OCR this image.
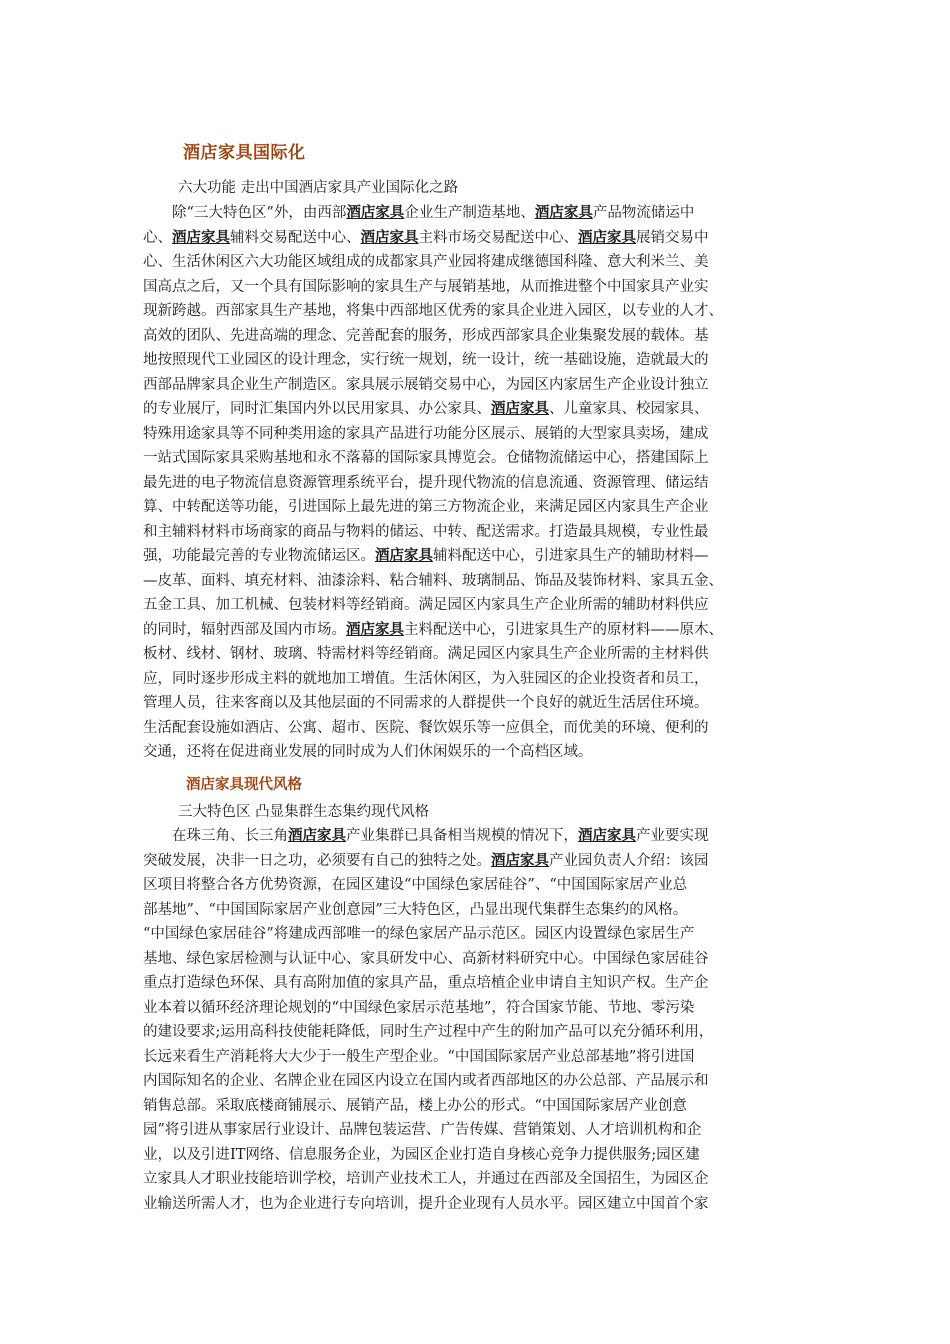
酒店家具国际化
六大功能 走出中国酒店家具产业国际化之路
　　除“三大特色区”外，由西部酒店家具企业生产制造基地、酒店家具产品物流储运中
心、酒店家具辅料交易配送中心、酒店家具主料市场交易配送中心、酒店家具展销交易中
心、生活休闲区六大功能区域组成的成都家具产业园将建成继德国科隆、意大利米兰、美
国高点之后，又一个具有国际影响的家具生产与展销基地，从而推进整个中国家具产业实
现新跨越。西部家具生产基地，将集中西部地区优秀的家具企业进入园区，以专业的人才、
高效的团队、先进高端的理念、完善配套的服务，形成西部家具企业集聚发展的载体。基
地按照现代工业园区的设计理念，实行统一规划，统一设计，统一基础设施，造就最大的
西部品牌家具企业生产制造区。家具展示展销交易中心，为园区内家居生产企业设计独立
的专业展厅，同时汇集国内外以民用家具、办公家具、酒店家具、儿童家具、校园家具、
特殊用途家具等不同种类用途的家具产品进行功能分区展示、展销的大型家具卖场，建成
一站式国际家具采购基地和永不落幕的国际家具博览会。仓储物流储运中心，搭建国际上
最先进的电子物流信息资源管理系统平台，提升现代物流的信息流通、资源管理、储运结
算、中转配送等功能，引进国际上最先进的第三方物流企业，来满足园区内家具生产企业
和主辅料材料市场商家的商品与物料的储运、中转、配送需求。打造最具规模，专业性最
强，功能最完善的专业物流储运区。酒店家具辅料配送中心，引进家具生产的辅助材料—
—皮革、面料、填充材料、油漆涂料、粘合辅料、玻璃制品、饰品及装饰材料、家具五金、
五金工具、加工机械、包装材料等经销商。满足园区内家具生产企业所需的辅助材料供应
的同时，辐射西部及国内市场。酒店家具主料配送中心，引进家具生产的原材料——原木、
板材、线材、钢材、玻璃、特需材料等经销商。满足园区内家具生产企业所需的主材料供
应，同时逐步形成主料的就地加工增值。生活休闲区，为入驻园区的企业投资者和员工，
管理人员，往来客商以及其他层面的不同需求的人群提供一个良好的就近生活居住环境。
生活配套设施如酒店、公寓、超市、医院、餐饮娱乐等一应俱全，而优美的环境、便利的
交通，还将在促进商业发展的同时成为人们休闲娱乐的一个高档区域。
酒店家具现代风格
三大特色区 凸显集群生态集约现代风格
　　在珠三角、长三角酒店家具产业集群已具备相当规模的情况下，酒店家具产业要实现
突破发展，决非一日之功，必须要有自己的独特之处。酒店家具产业园负责人介绍：该园
区项目将整合各方优势资源，在园区建设“中国绿色家居硅谷”、“中国国际家居产业总
部基地”、“中国国际家居产业创意园”三大特色区，凸显出现代集群生态集约的风格。
“中国绿色家居硅谷”将建成西部唯一的绿色家居产品示范区。园区内设置绿色家居生产
基地、绿色家居检测与认证中心、家具研发中心、高新材料研究中心。中国绿色家居硅谷
重点打造绿色环保、具有高附加值的家具产品，重点培植企业申请自主知识产权。生产企
业本着以循环经济理论规划的“中国绿色家居示范基地”，符合国家节能、节地、零污染
的建设要求;运用高科技使能耗降低，同时生产过程中产生的附加产品可以充分循环利用，
长远来看生产消耗将大大少于一般生产型企业。“中国国际家居产业总部基地”将引进国
内国际知名的企业、名牌企业在园区内设立在国内或者西部地区的办公总部、产品展示和
销售总部。采取底楼商铺展示、展销产品，楼上办公的形式。“中国国际家居产业创意
园”将引进从事家居行业设计、品牌包装运营、广告传媒、营销策划、人才培训机构和企
业，以及引进IT网络、信息服务企业，为园区企业打造自身核心竞争力提供服务;园区建
立家具人才职业技能培训学校，培训产业技术工人，并通过在西部及全国招生，为园区企
业输送所需人才，也为企业进行专向培训，提升企业现有人员水平。园区建立中国首个家
